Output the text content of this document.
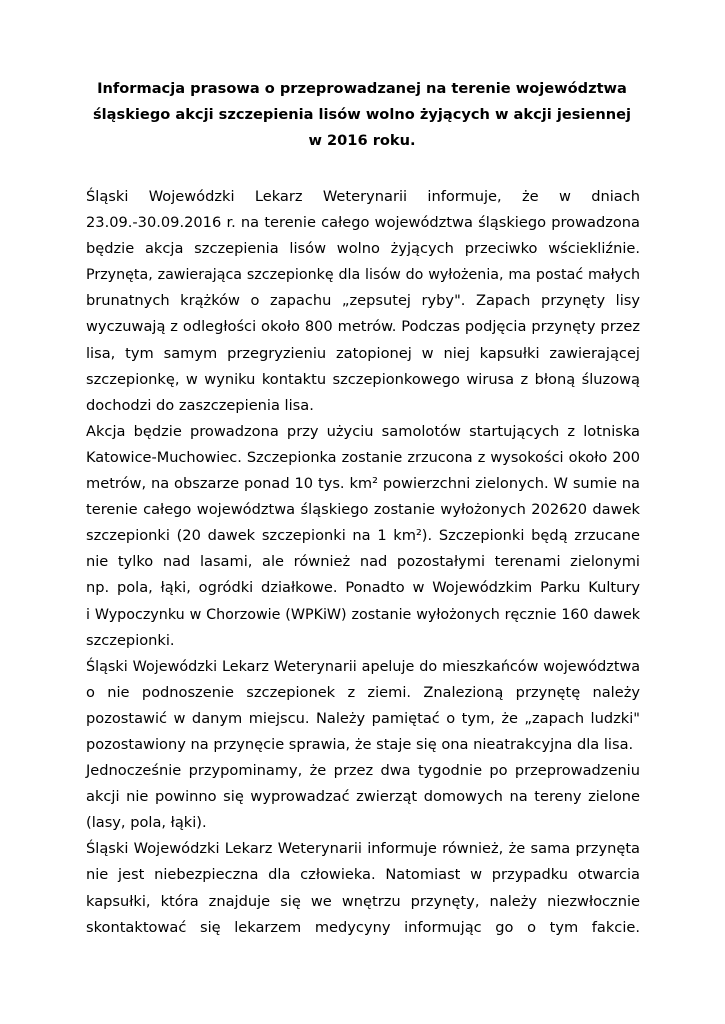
Informacja prasowa o przeprowadzanej na terenie województwa
śląskiego akcji szczepienia lisów wolno żyjących w akcji jesiennej
w 2016 roku.
Śląski Wojewódzki Lekarz Weterynarii informuje, że w dniach
23.09.-30.09.2016 r. na terenie całego województwa śląskiego prowadzona
będzie akcja szczepienia lisów wolno żyjących przeciwko wściekliźnie.
Przynęta, zawierająca szczepionkę dla lisów do wyłożenia, ma postać małych
brunatnych krążków o zapachu „zepsutej ryby". Zapach przynęty lisy
wyczuwają z odległości około 800 metrów. Podczas podjęcia przynęty przez
lisa, tym samym przegryzieniu zatopionej w niej kapsułki zawierającej
szczepionkę, w wyniku kontaktu szczepionkowego wirusa z błoną śluzową
dochodzi do zaszczepienia lisa.
Akcja będzie prowadzona przy użyciu samolotów startujących z lotniska
Katowice-Muchowiec. Szczepionka zostanie zrzucona z wysokości około 200
metrów, na obszarze ponad 10 tys. km² powierzchni zielonych. W sumie na
terenie całego województwa śląskiego zostanie wyłożonych 202620 dawek
szczepionki (20 dawek szczepionki na 1 km²). Szczepionki będą zrzucane
nie tylko nad lasami, ale również nad pozostałymi terenami zielonymi
np. pola, łąki, ogródki działkowe. Ponadto w Wojewódzkim Parku Kultury
i Wypoczynku w Chorzowie (WPKiW) zostanie wyłożonych ręcznie 160 dawek
szczepionki.
Śląski Wojewódzki Lekarz Weterynarii apeluje do mieszkańców województwa
o nie podnoszenie szczepionek z ziemi. Znalezioną przynętę należy
pozostawić w danym miejscu. Należy pamiętać o tym, że „zapach ludzki"
pozostawiony na przynęcie sprawia, że staje się ona nieatrakcyjna dla lisa.
Jednocześnie przypominamy, że przez dwa tygodnie po przeprowadzeniu
akcji nie powinno się wyprowadzać zwierząt domowych na tereny zielone
(lasy, pola, łąki).
Śląski Wojewódzki Lekarz Weterynarii informuje również, że sama przynęta
nie jest niebezpieczna dla człowieka. Natomiast w przypadku otwarcia
kapsułki, która znajduje się we wnętrzu przynęty, należy niezwłocznie
skontaktować się lekarzem medycyny informując go o tym fakcie.
